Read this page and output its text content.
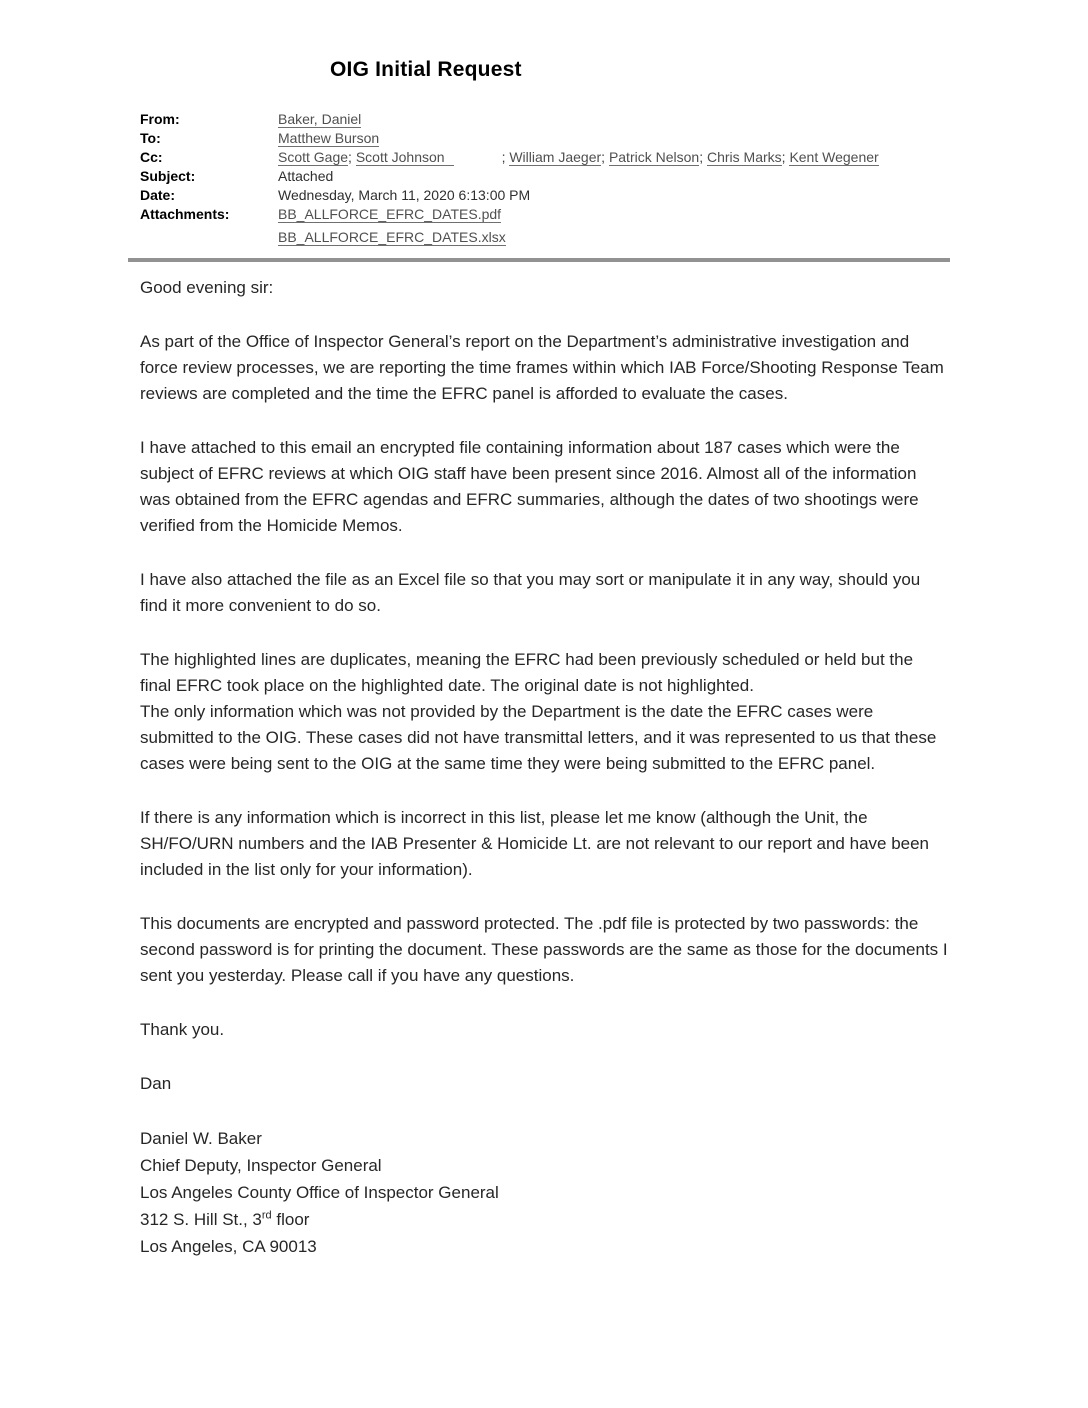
OIG Initial Request
From:	Baker, Daniel
To:	Matthew Burson
Cc:	Scott Gage; Scott Johnson	; William Jaeger; Patrick Nelson; Chris Marks; Kent Wegener
Subject:	Attached
Date:	Wednesday, March 11, 2020 6:13:00 PM
Attachments:	BB_ALLFORCE_EFRC_DATES.pdf
BB_ALLFORCE_EFRC_DATES.xlsx
Good evening sir:
As part of the Office of Inspector General’s report on the Department’s administrative investigation and force review processes, we are reporting the time frames within which IAB Force/Shooting Response Team reviews are completed and the time the EFRC panel is afforded to evaluate the cases.
I have attached to this email an encrypted file containing information about 187 cases which were the subject of EFRC reviews at which OIG staff have been present since 2016. Almost all of the information was obtained from the EFRC agendas and EFRC summaries, although the dates of two shootings were verified from the Homicide Memos.
I have also attached the file as an Excel file so that you may sort or manipulate it in any way, should you find it more convenient to do so.
The highlighted lines are duplicates, meaning the EFRC had been previously scheduled or held but the final EFRC took place on the highlighted date. The original date is not highlighted.
The only information which was not provided by the Department is the date the EFRC cases were submitted to the OIG. These cases did not have transmittal letters, and it was represented to us that these cases were being sent to the OIG at the same time they were being submitted to the EFRC panel.
If there is any information which is incorrect in this list, please let me know (although the Unit, the SH/FO/URN numbers and the IAB Presenter & Homicide Lt. are not relevant to our report and have been included in the list only for your information).
This documents are encrypted and password protected. The .pdf file is protected by two passwords: the second password is for printing the document. These passwords are the same as those for the documents I sent you yesterday. Please call if you have any questions.
Thank you.
Dan
Daniel W. Baker
Chief Deputy, Inspector General
Los Angeles County Office of Inspector General
312 S. Hill St., 3rd floor
Los Angeles, CA 90013
